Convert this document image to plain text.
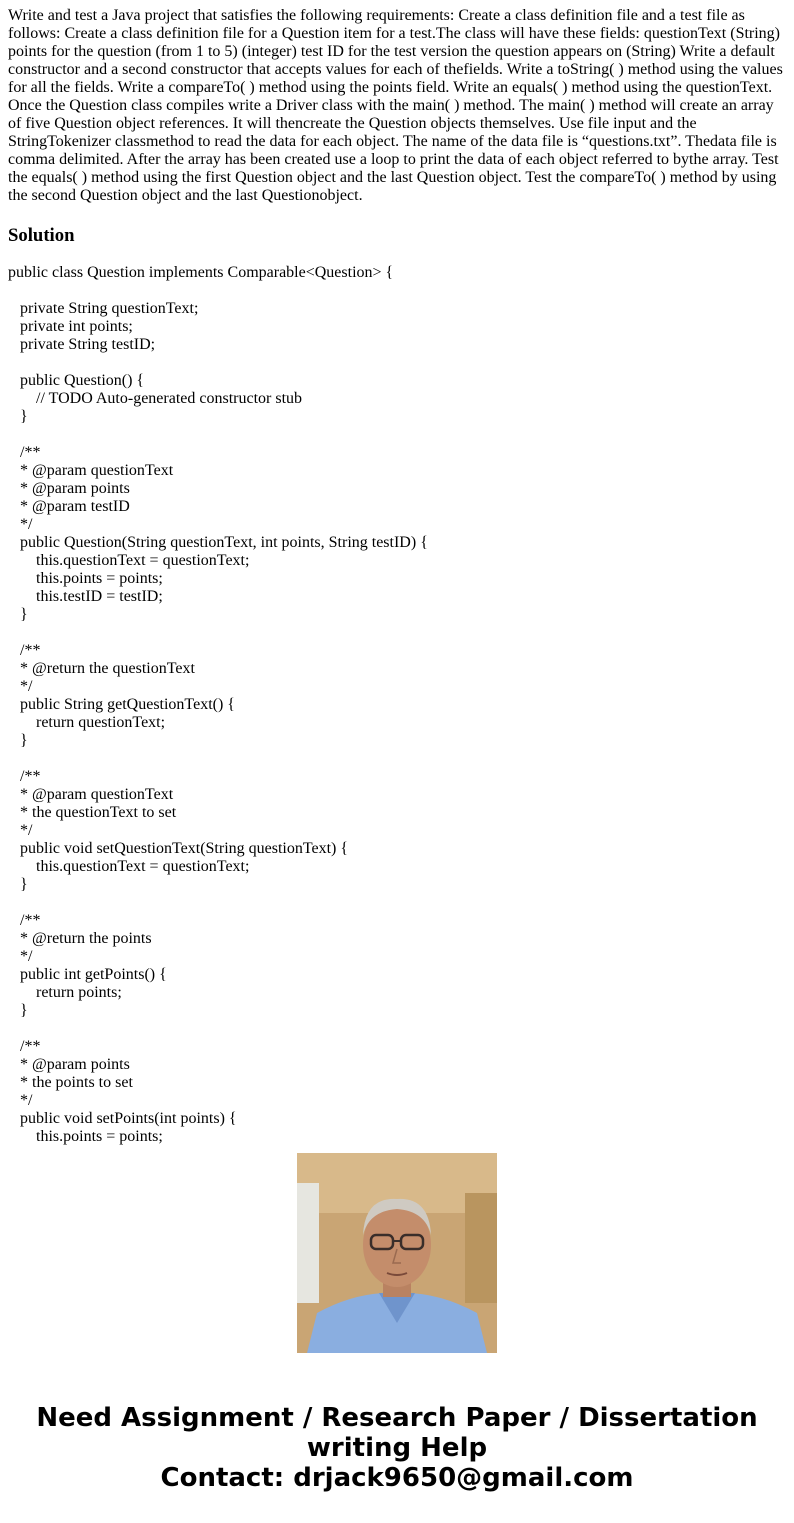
Write and test a Java project that satisfies the following requirements: Create a class definition file and a test file as follows: Create a class definition file for a Question item for a test.The class will have these fields: questionText (String) points for the question (from 1 to 5) (integer) test ID for the test version the question appears on (String) Write a default constructor and a second constructor that accepts values for each of thefields. Write a toString( ) method using the values for all the fields. Write a compareTo( ) method using the points field. Write an equals( ) method using the questionText. Once the Question class compiles write a Driver class with the main( ) method. The main( ) method will create an array of five Question object references. It will thencreate the Question objects themselves. Use file input and the StringTokenizer classmethod to read the data for each object. The name of the data file is “questions.txt”. Thedata file is comma delimited. After the array has been created use a loop to print the data of each object referred to bythe array. Test the equals( ) method using the first Question object and the last Question object. Test the compareTo( ) method by using the second Question object and the last Questionobject.

Solution
public class Question implements Comparable<Question> {

private String questionText;
private int points;
private String testID;

public Question() {
// TODO Auto-generated constructor stub
}

/**
* @param questionText
* @param points
* @param testID
*/
public Question(String questionText, int points, String testID) {
this.questionText = questionText;
this.points = points;
this.testID = testID;
}

/**
* @return the questionText
*/
public String getQuestionText() {
return questionText;
}

/**
* @param questionText
* the questionText to set
*/
public void setQuestionText(String questionText) {
this.questionText = questionText;
}

/**
* @return the points
*/
public int getPoints() {
return points;
}

/**
* @param points
* the points to set
*/
public void setPoints(int points) {
this.points = points;
Need Assignment / Research Paper / Dissertation
writing Help
Contact: drjack9650@gmail.com
